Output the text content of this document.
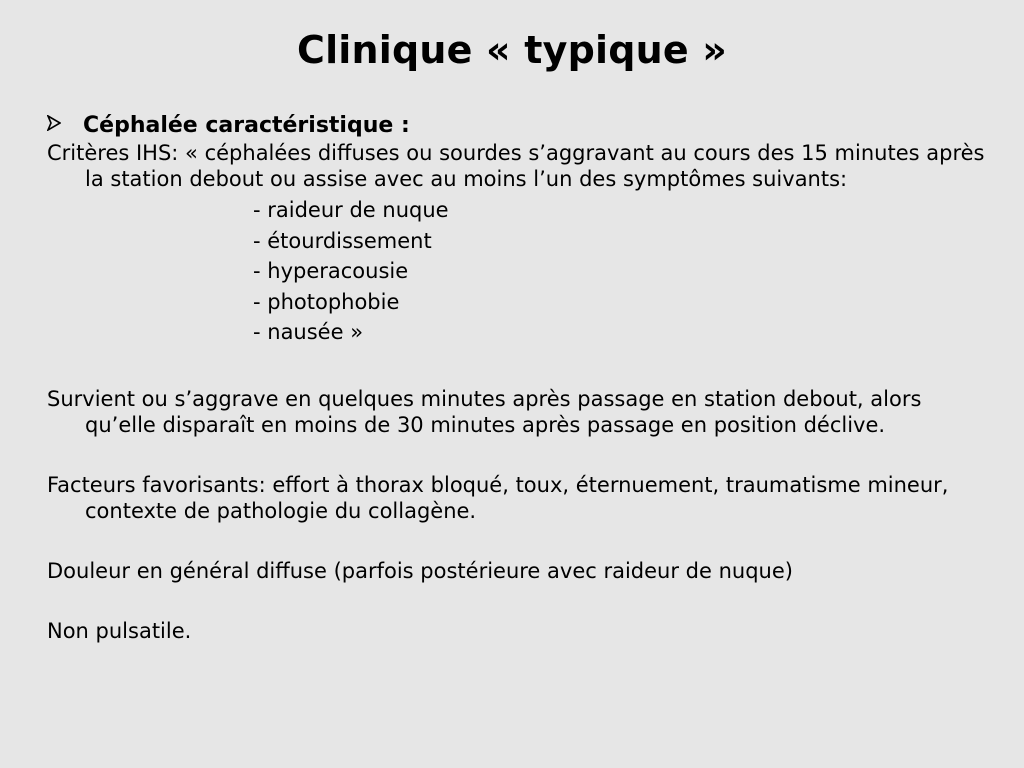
Clinique « typique »
Céphalée caractéristique :
Critères IHS: « céphalées diffuses ou sourdes s’aggravant au cours des 15 minutes après la station debout ou assise avec au moins l’un des symptômes suivants:
- raideur de nuque
- étourdissement
- hyperacousie
- photophobie
- nausée »
Survient ou s’aggrave en quelques minutes après passage en station debout, alors qu’elle disparaît en moins de 30 minutes après passage en position déclive.
Facteurs favorisants: effort à thorax bloqué, toux, éternuement, traumatisme mineur, contexte de pathologie du collagène.
Douleur en général diffuse (parfois postérieure avec raideur de nuque)
Non pulsatile.
